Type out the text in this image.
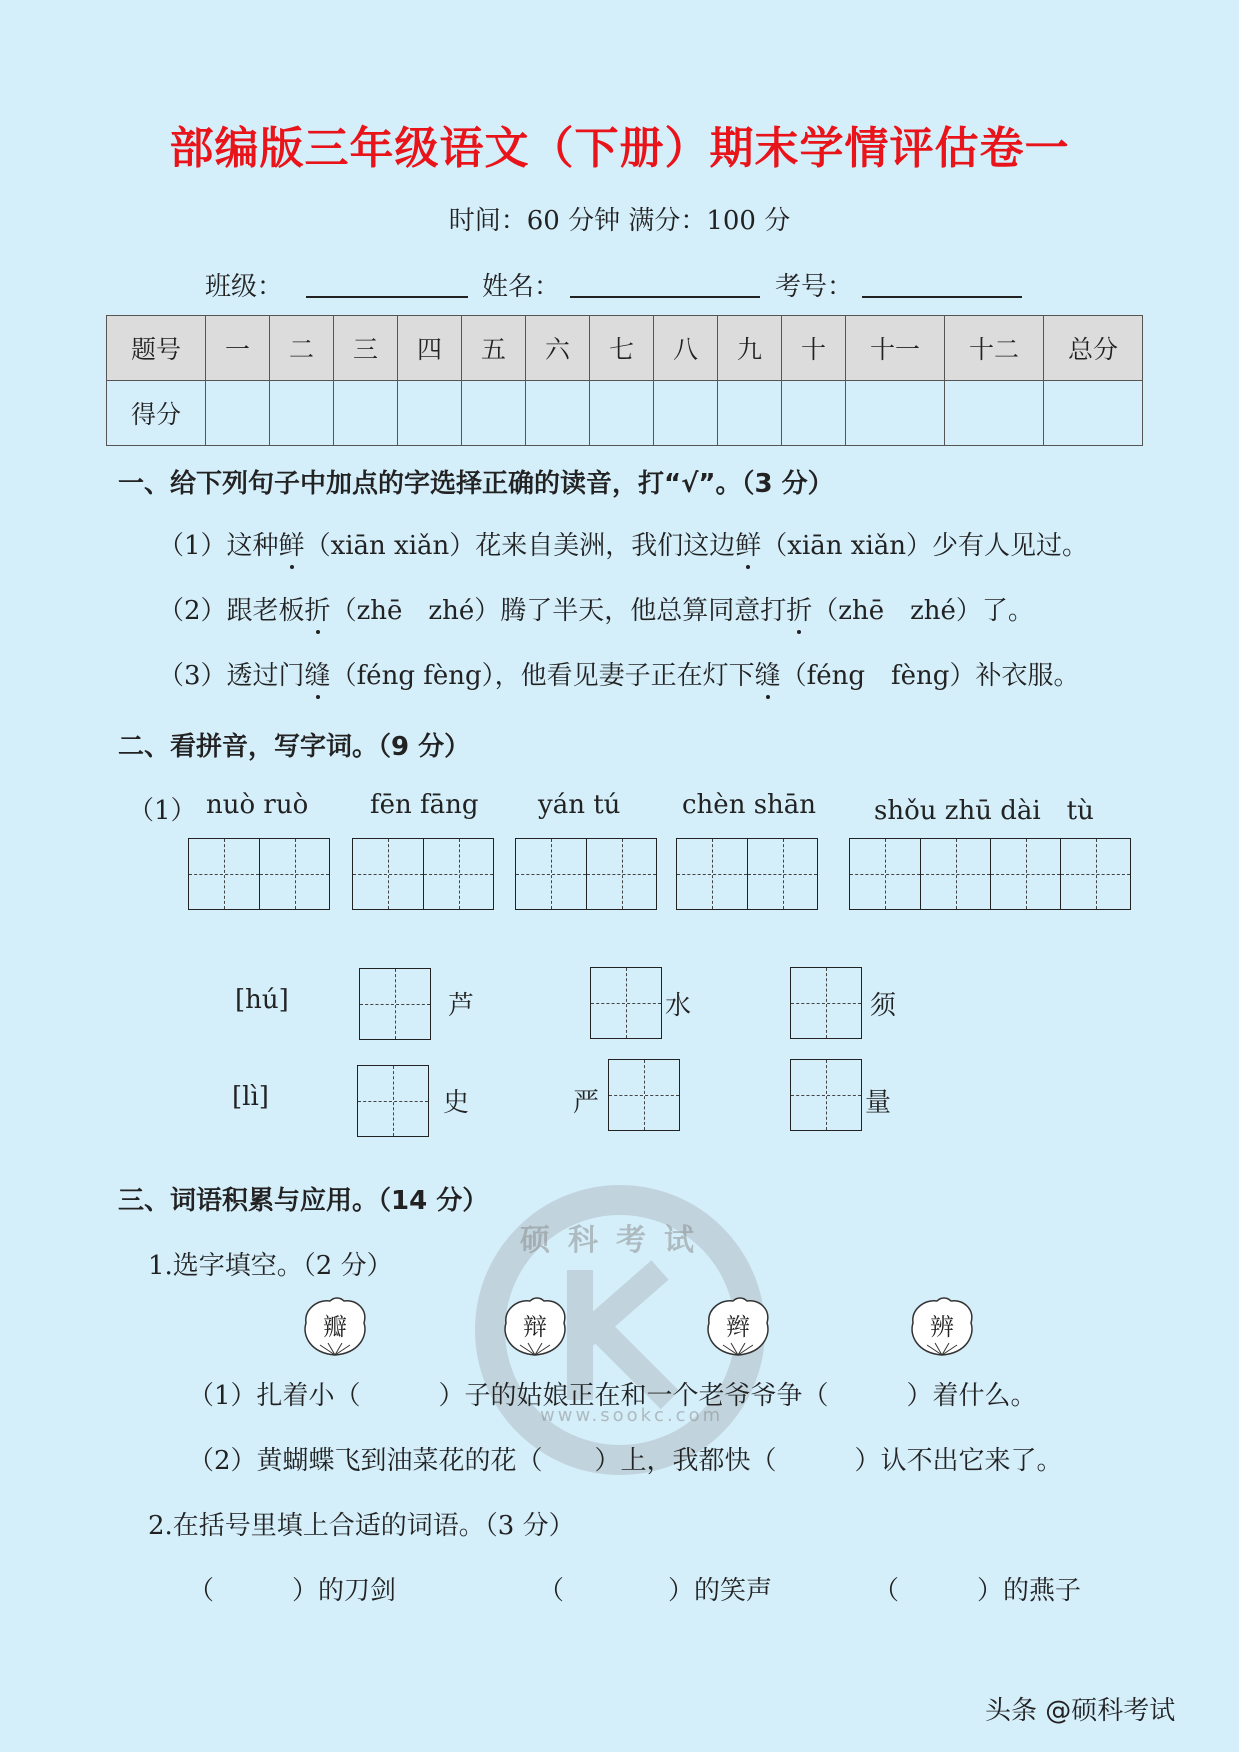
部编版三年级语文（下册）期末学情评估卷一
时间：60 分钟 满分：100 分
班级：	姓名：	考号：
题号	一	二	三	四	五	六	七	八	九	十	十一	十二	总分
得分													
一、给下列句子中加点的字选择正确的读音，打“√”。（3 分）
（1）这种鲜（xiān xiǎn）花来自美洲，我们这边鲜（xiān xiǎn）少有人见过。
（2）跟老板折（zhē　zhé）腾了半天，他总算同意打折（zhē　zhé）了。
（3）透过门缝（féng fèng），他看见妻子正在灯下缝（féng　fèng）补衣服。
二、看拼音，写字词。（9 分）
（1） nuò ruò fēn fāng yán tú chèn shān shǒu zhū dài　tù
[hú]	芦	水	须
[lì]	史	严	量
硕科考试
www.sookc.com
三、词语积累与应用。（14 分）
1.选字填空。（2 分）
瓣	辩	辫	辨
（1）扎着小（　　　）子的姑娘正在和一个老爷爷争（　　　）着什么。
（2）黄蝴蝶飞到油菜花的花（　　）上，我都快（　　　）认不出它来了。
2.在括号里填上合适的词语。（3 分）
（　　　）的刀剑	（　　　　）的笑声	（　　　）的燕子
头条 @硕科考试
